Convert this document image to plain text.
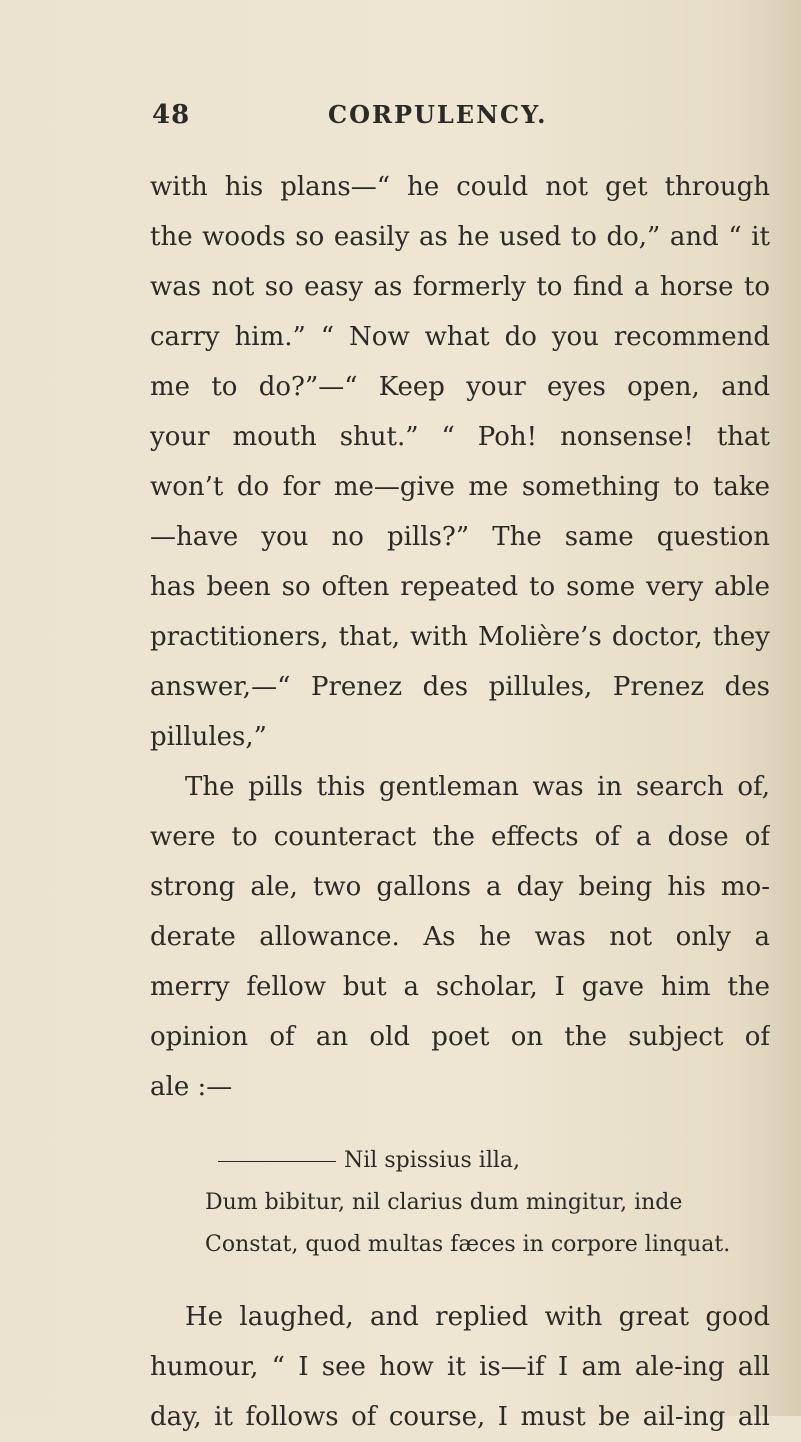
48	CORPULENCY.
with his plans—“ he could not get through
the woods so easily as he used to do,” and “ it
was not so easy as formerly to find a horse to
carry him.” “ Now what do you recommend
me to do?”—“ Keep your eyes open, and
your mouth shut.” “ Poh! nonsense! that
won’t do for me—give me something to take
—have you no pills?” The same question
has been so often repeated to some very able
practitioners, that, with Molière’s doctor, they
answer,—“ Prenez des pillules, Prenez des
pillules,”
The pills this gentleman was in search of,
were to counteract the effects of a dose of
strong ale, two gallons a day being his mo-
derate allowance. As he was not only a
merry fellow but a scholar, I gave him the
opinion of an old poet on the subject of
ale :—
Nil spissius illa,
Dum bibitur, nil clarius dum mingitur, inde
Constat, quod multas fæces in corpore linquat.
He laughed, and replied with great good
humour, “ I see how it is—if I am ale-ing all
day, it follows of course, I must be ail-ing all
